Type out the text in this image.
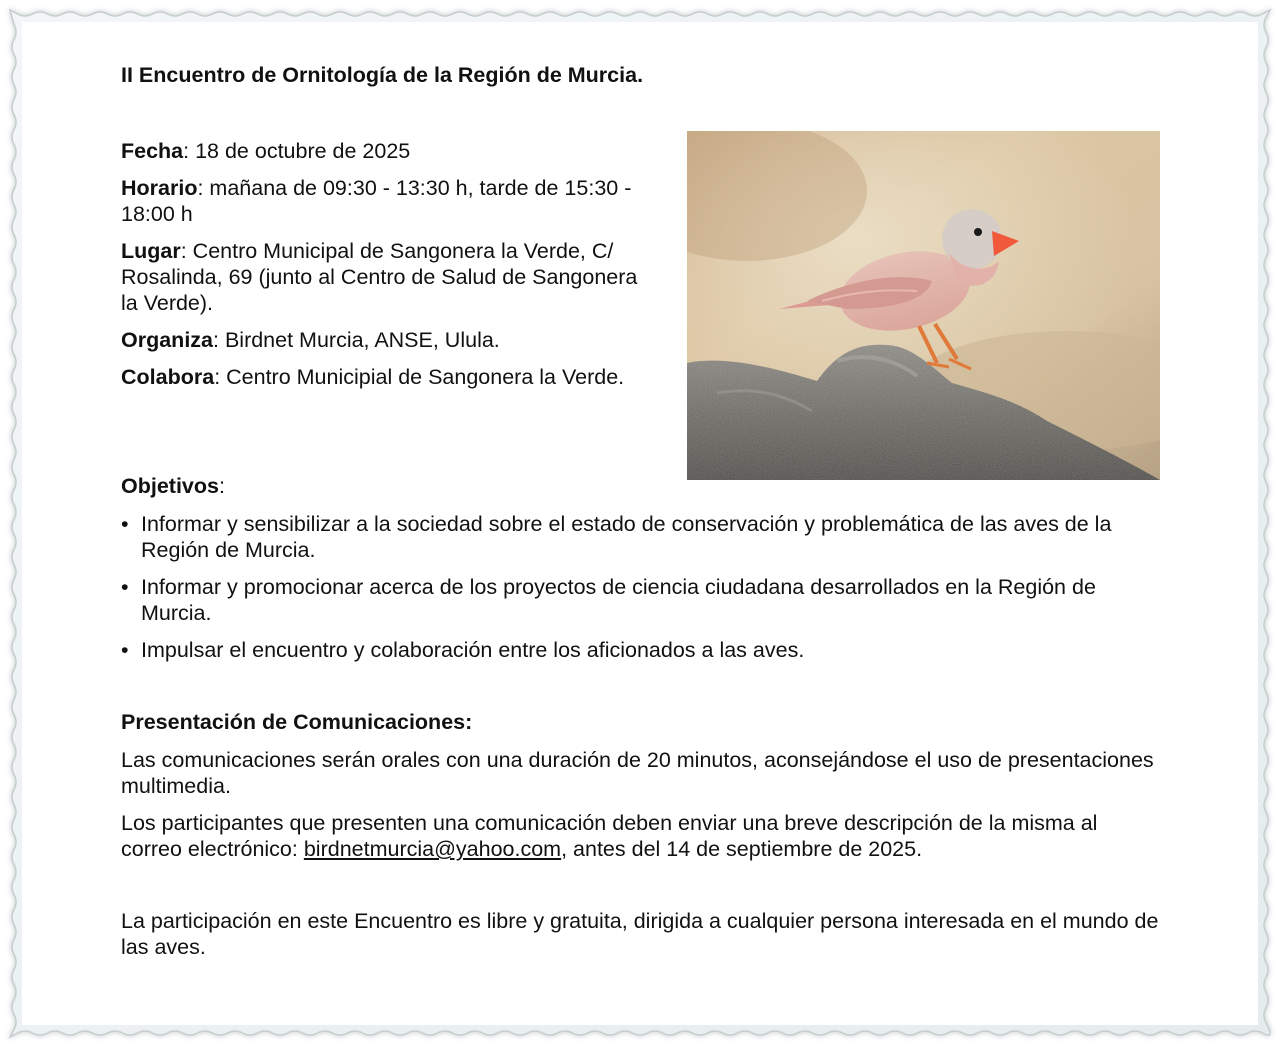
II Encuentro de Ornitología de la Región de Murcia.

Fecha: 18 de octubre de 2025

Horario: mañana de 09:30 - 13:30 h, tarde de 15:30 - 18:00 h

Lugar: Centro Municipal de Sangonera la Verde, C/ Rosalinda, 69 (junto al Centro de Salud de Sangonera la Verde).

Organiza: Birdnet Murcia, ANSE, Ulula.

Colabora: Centro Municipial de Sangonera la Verde.

Objetivos:

• Informar y sensibilizar a la sociedad sobre el estado de conservación y problemática de las aves de la Región de Murcia.
• Informar y promocionar acerca de los proyectos de ciencia ciudadana desarrollados en la Región de Murcia.
• Impulsar el encuentro y colaboración entre los aficionados a las aves.

Presentación de Comunicaciones:

Las comunicaciones serán orales con una duración de 20 minutos, aconsejándose el uso de presentaciones multimedia.

Los participantes que presenten una comunicación deben enviar una breve descripción de la misma al correo electrónico: birdnetmurcia@yahoo.com, antes del 14 de septiembre de 2025.

La participación en este Encuentro es libre y gratuita, dirigida a cualquier persona interesada en el mundo de las aves.
